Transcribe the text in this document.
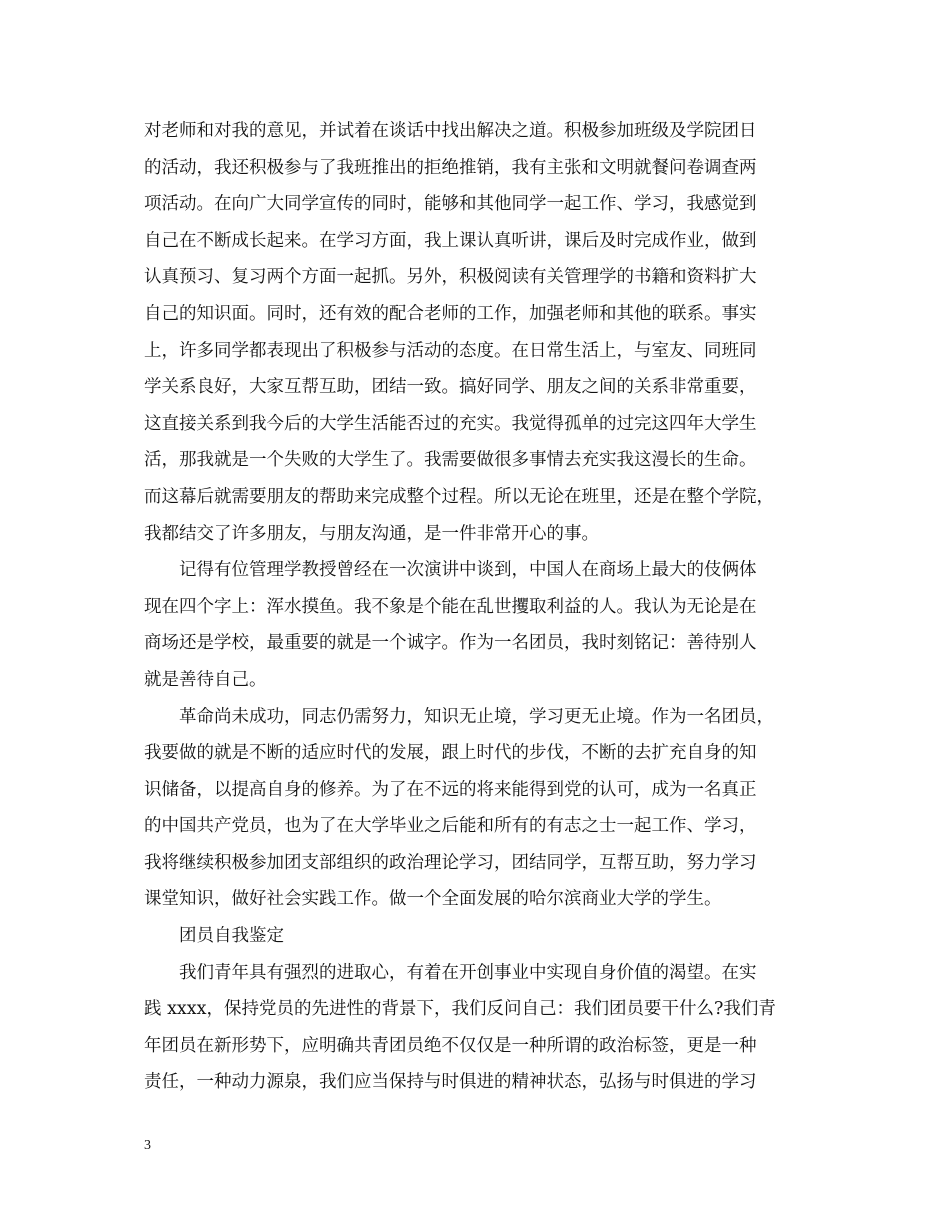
对老师和对我的意见，并试着在谈话中找出解决之道。积极参加班级及学院团日
的活动，我还积极参与了我班推出的拒绝推销，我有主张和文明就餐问卷调查两
项活动。在向广大同学宣传的同时，能够和其他同学一起工作、学习，我感觉到
自己在不断成长起来。在学习方面，我上课认真听讲，课后及时完成作业，做到
认真预习、复习两个方面一起抓。另外，积极阅读有关管理学的书籍和资料扩大
自己的知识面。同时，还有效的配合老师的工作，加强老师和其他的联系。事实
上，许多同学都表现出了积极参与活动的态度。在日常生活上，与室友、同班同
学关系良好，大家互帮互助，团结一致。搞好同学、朋友之间的关系非常重要，
这直接关系到我今后的大学生活能否过的充实。我觉得孤单的过完这四年大学生
活，那我就是一个失败的大学生了。我需要做很多事情去充实我这漫长的生命。
而这幕后就需要朋友的帮助来完成整个过程。所以无论在班里，还是在整个学院，
我都结交了许多朋友，与朋友沟通，是一件非常开心的事。
记得有位管理学教授曾经在一次演讲中谈到，中国人在商场上最大的伎俩体
现在四个字上：浑水摸鱼。我不象是个能在乱世攫取利益的人。我认为无论是在
商场还是学校，最重要的就是一个诚字。作为一名团员，我时刻铭记：善待别人
就是善待自己。
革命尚未成功，同志仍需努力，知识无止境，学习更无止境。作为一名团员，
我要做的就是不断的适应时代的发展，跟上时代的步伐，不断的去扩充自身的知
识储备，以提高自身的修养。为了在不远的将来能得到党的认可，成为一名真正
的中国共产党员，也为了在大学毕业之后能和所有的有志之士一起工作、学习，
我将继续积极参加团支部组织的政治理论学习，团结同学，互帮互助，努力学习
课堂知识，做好社会实践工作。做一个全面发展的哈尔滨商业大学的学生。
团员自我鉴定
我们青年具有强烈的进取心，有着在开创事业中实现自身价值的渴望。在实
践 xxxx，保持党员的先进性的背景下，我们反问自己：我们团员要干什么?我们青
年团员在新形势下，应明确共青团员绝不仅仅是一种所谓的政治标签，更是一种
责任，一种动力源泉，我们应当保持与时俱进的精神状态，弘扬与时俱进的学习
3
